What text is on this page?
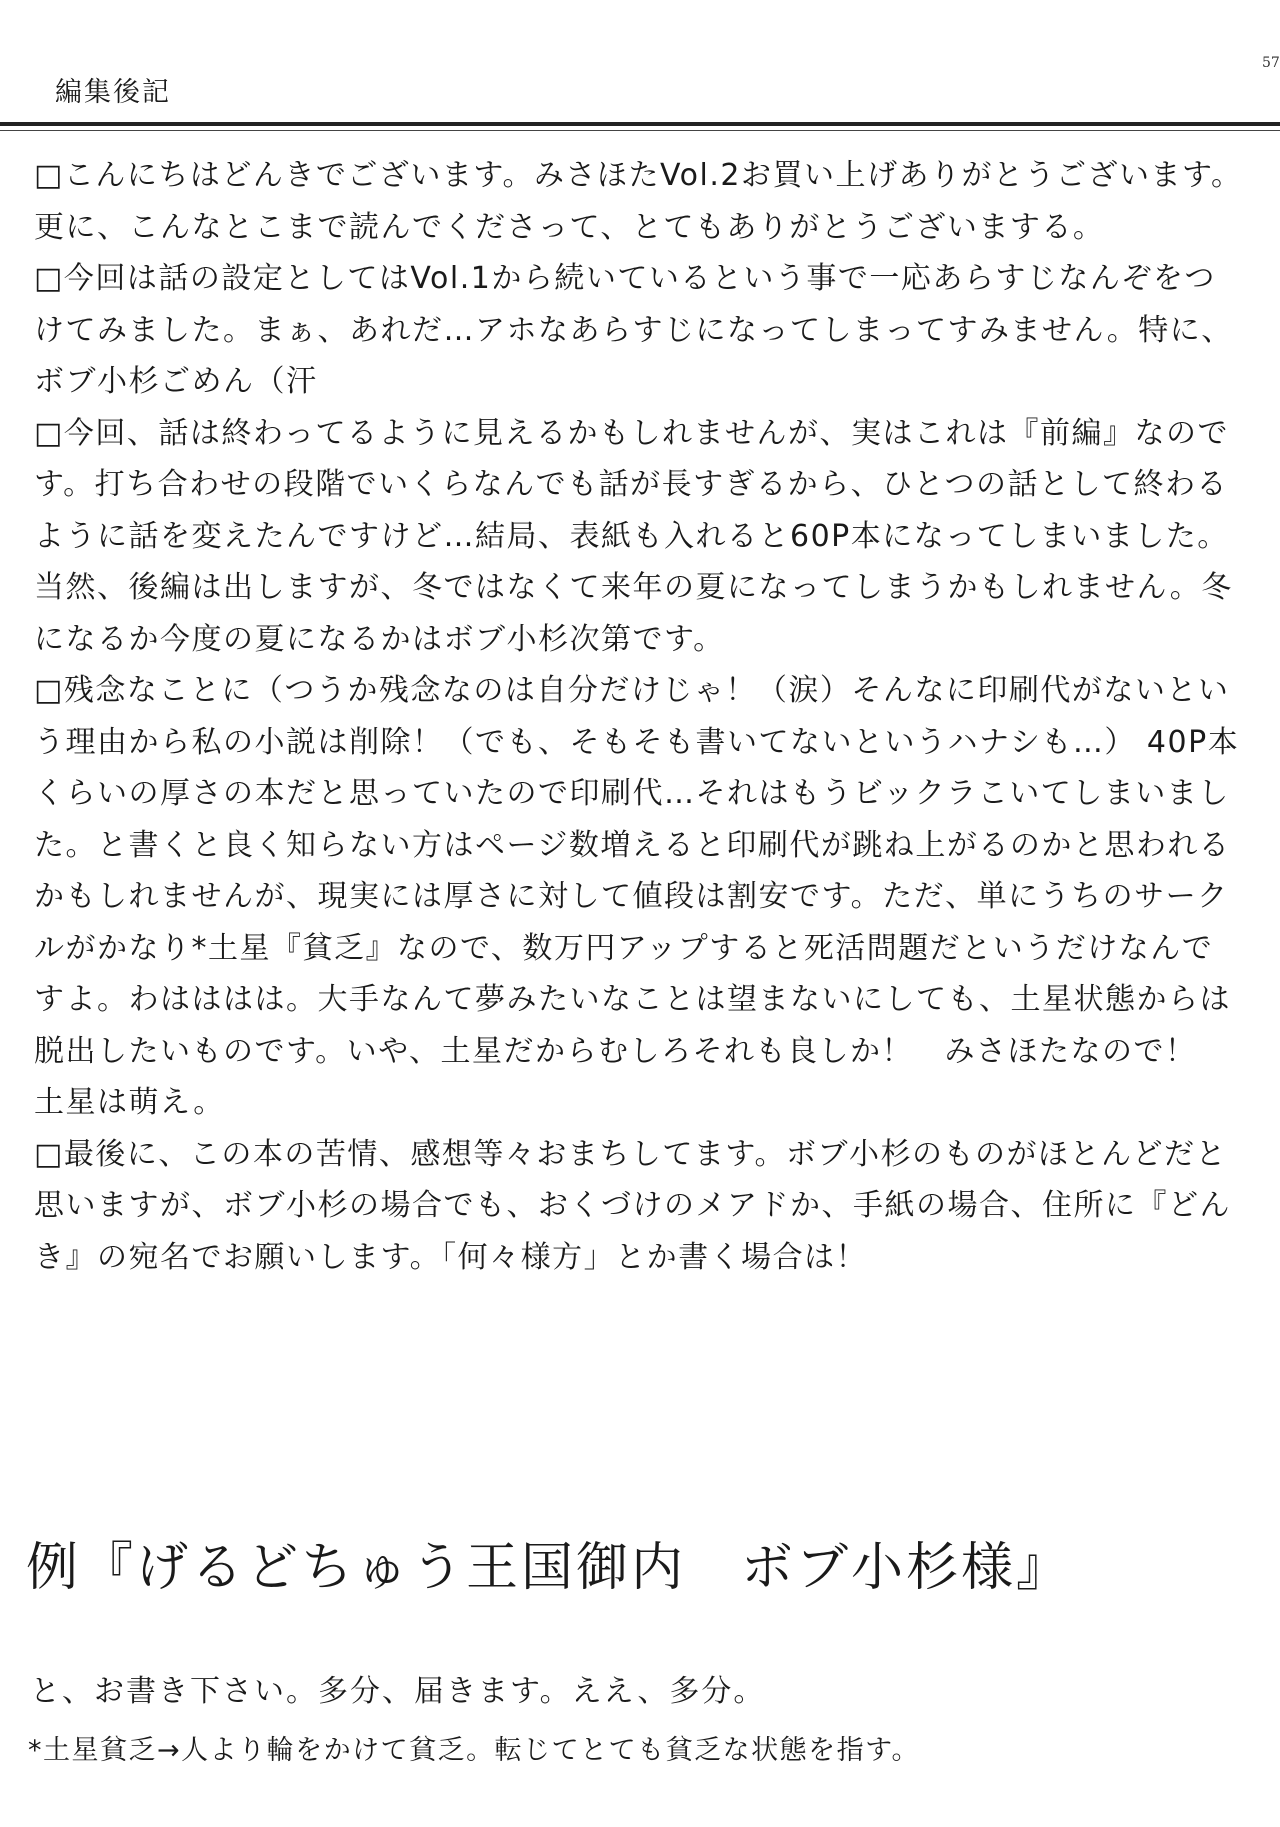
編集後記
57

□こんにちはどんきでございます。みさほたVol.2お買い上げありがとうございます。更に、こんなとこまで読んでくださって、とてもありがとうございまする。

□今回は話の設定としてはVol.1から続いているという事で一応あらすじなんぞをつけてみました。まぁ、あれだ…アホなあらすじになってしまってすみません。特に、ボブ小杉ごめん（汗

□今回、話は終わってるように見えるかもしれませんが、実はこれは『前編』なのです。打ち合わせの段階でいくらなんでも話が長すぎるから、ひとつの話として終わるように話を変えたんですけど…結局、表紙も入れると60P本になってしまいました。当然、後編は出しますが、冬ではなくて来年の夏になってしまうかもしれません。冬になるか今度の夏になるかはボブ小杉次第です。

□残念なことに（つうか残念なのは自分だけじゃ！（涙）そんなに印刷代がないという理由から私の小説は削除！（でも、そもそも書いてないというハナシも…） 40P本くらいの厚さの本だと思っていたので印刷代…それはもうビックラこいてしまいました。と書くと良く知らない方はページ数増えると印刷代が跳ね上がるのかと思われるかもしれませんが、現実には厚さに対して値段は割安です。ただ、単にうちのサークルがかなり*土星『貧乏』なので、数万円アップすると死活問題だというだけなんですよ。わはははは。大手なんて夢みたいなことは望まないにしても、土星状態からは脱出したいものです。いや、土星だからむしろそれも良しか！　みさほたなので！

土星は萌え。

□最後に、この本の苦情、感想等々おまちしてます。ボブ小杉のものがほとんどだと思いますが、ボブ小杉の場合でも、おくづけのメアドか、手紙の場合、住所に『どんき』の宛名でお願いします。「何々様方」とか書く場合は！

例『げるどちゅう王国御内　ボブ小杉様』

と、お書き下さい。多分、届きます。ええ、多分。

*土星貧乏→人より輪をかけて貧乏。転じてとても貧乏な状態を指す。
